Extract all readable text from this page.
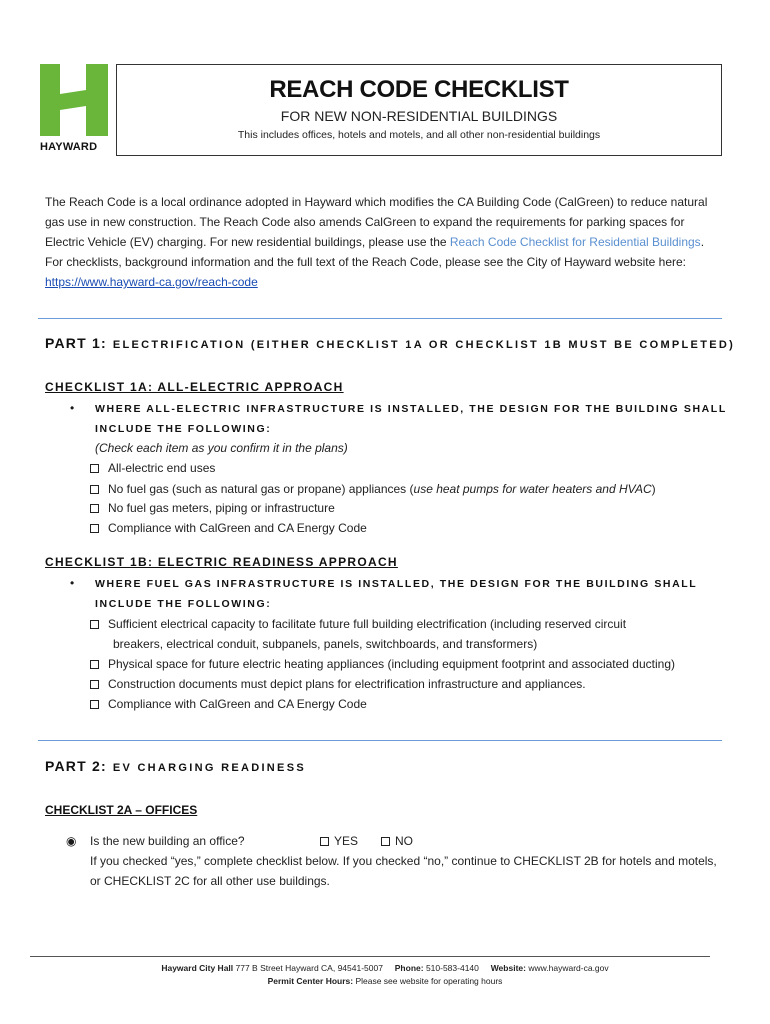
HAYWARD
REACH CODE CHECKLIST
FOR NEW NON-RESIDENTIAL BUILDINGS
This includes offices, hotels and motels, and all other non-residential buildings
The Reach Code is a local ordinance adopted in Hayward which modifies the CA Building Code (CalGreen) to reduce natural gas use in new construction. The Reach Code also amends CalGreen to expand the requirements for parking spaces for Electric Vehicle (EV) charging. For new residential buildings, please use the Reach Code Checklist for Residential Buildings. For checklists, background information and the full text of the Reach Code, please see the City of Hayward website here: https://www.hayward-ca.gov/reach-code
PART 1: ELECTRIFICATION (EITHER CHECKLIST 1A OR CHECKLIST 1B MUST BE COMPLETED)
CHECKLIST 1A: ALL-ELECTRIC APPROACH
• WHERE ALL-ELECTRIC INFRASTRUCTURE IS INSTALLED, THE DESIGN FOR THE BUILDING SHALL
INCLUDE THE FOLLOWING:
(Check each item as you confirm it in the plans)
All-electric end uses
No fuel gas (such as natural gas or propane) appliances (use heat pumps for water heaters and HVAC)
No fuel gas meters, piping or infrastructure
Compliance with CalGreen and CA Energy Code
CHECKLIST 1B: ELECTRIC READINESS APPROACH
• WHERE FUEL GAS INFRASTRUCTURE IS INSTALLED, THE DESIGN FOR THE BUILDING SHALL
INCLUDE THE FOLLOWING:
Sufficient electrical capacity to facilitate future full building electrification (including reserved circuit
breakers, electrical conduit, subpanels, panels, switchboards, and transformers)
Physical space for future electric heating appliances (including equipment footprint and associated ducting)
Construction documents must depict plans for electrification infrastructure and appliances.
Compliance with CalGreen and CA Energy Code
PART 2: EV CHARGING READINESS
CHECKLIST 2A – OFFICES
◉ Is the new building an office?	YES	NO
If you checked “yes,” complete checklist below. If you checked “no,” continue to CHECKLIST 2B for hotels and motels, or CHECKLIST 2C for all other use buildings.
Hayward City Hall 777 B Street Hayward CA, 94541-5007 Phone: 510-583-4140 Website: www.hayward-ca.gov
Permit Center Hours: Please see website for operating hours
